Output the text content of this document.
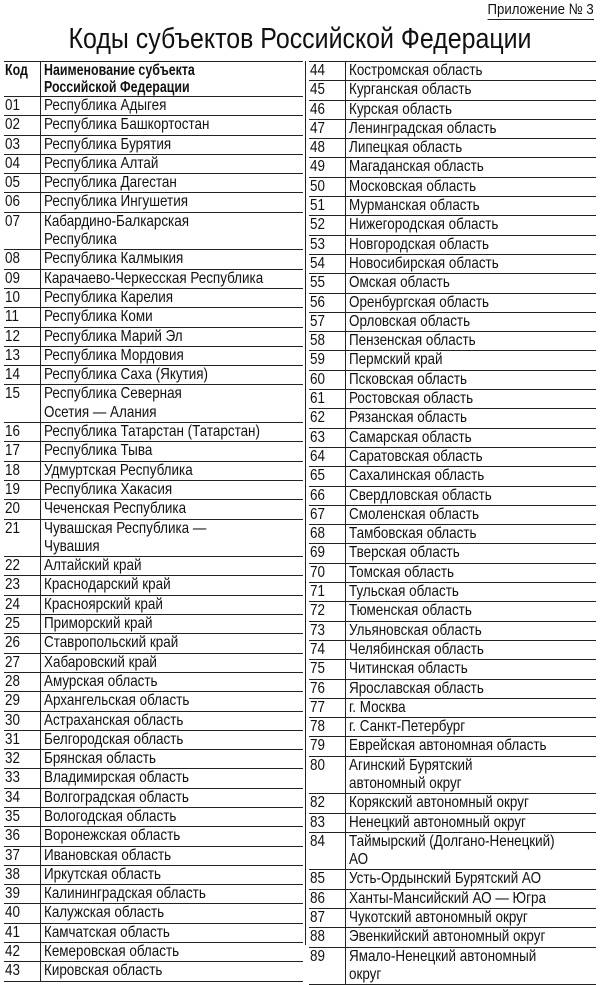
Приложение № 3
Коды субъектов Российской Федерации
Код	Наименование субъекта
Российской Федерации
01	Республика Адыгея
02	Республика Башкортостан
03	Республика Бурятия
04	Республика Алтай
05	Республика Дагестан
06	Республика Ингушетия
07	Кабардино-Балкарская
Республика
08	Республика Калмыкия
09	Карачаево-Черкесская Республика
10	Республика Карелия
11	Республика Коми
12	Республика Марий Эл
13	Республика Мордовия
14	Республика Саха (Якутия)
15	Республика Северная
Осетия — Алания
16	Республика Татарстан (Татарстан)
17	Республика Тыва
18	Удмуртская Республика
19	Республика Хакасия
20	Чеченская Республика
21	Чувашская Республика —
Чувашия
22	Алтайский край
23	Краснодарский край
24	Красноярский край
25	Приморский край
26	Ставропольский край
27	Хабаровский край
28	Амурская область
29	Архангельская область
30	Астраханская область
31	Белгородская область
32	Брянская область
33	Владимирская область
34	Волгоградская область
35	Вологодская область
36	Воронежская область
37	Ивановская область
38	Иркутская область
39	Калининградская область
40	Калужская область
41	Камчатская область
42	Кемеровская область
43	Кировская область
44	Костромская область
45	Курганская область
46	Курская область
47	Ленинградская область
48	Липецкая область
49	Магаданская область
50	Московская область
51	Мурманская область
52	Нижегородская область
53	Новгородская область
54	Новосибирская область
55	Омская область
56	Оренбургская область
57	Орловская область
58	Пензенская область
59	Пермский край
60	Псковская область
61	Ростовская область
62	Рязанская область
63	Самарская область
64	Саратовская область
65	Сахалинская область
66	Свердловская область
67	Смоленская область
68	Тамбовская область
69	Тверская область
70	Томская область
71	Тульская область
72	Тюменская область
73	Ульяновская область
74	Челябинская область
75	Читинская область
76	Ярославская область
77	г. Москва
78	г. Санкт-Петербург
79	Еврейская автономная область
80	Агинский Бурятский
автономный округ
82	Корякский автономный округ
83	Ненецкий автономный округ
84	Таймырский (Долгано-Ненецкий)
АО
85	Усть-Ордынский Бурятский АО
86	Ханты-Мансийский АО — Югра
87	Чукотский автономный округ
88	Эвенкийский автономный округ
89	Ямало-Ненецкий автономный
округ
